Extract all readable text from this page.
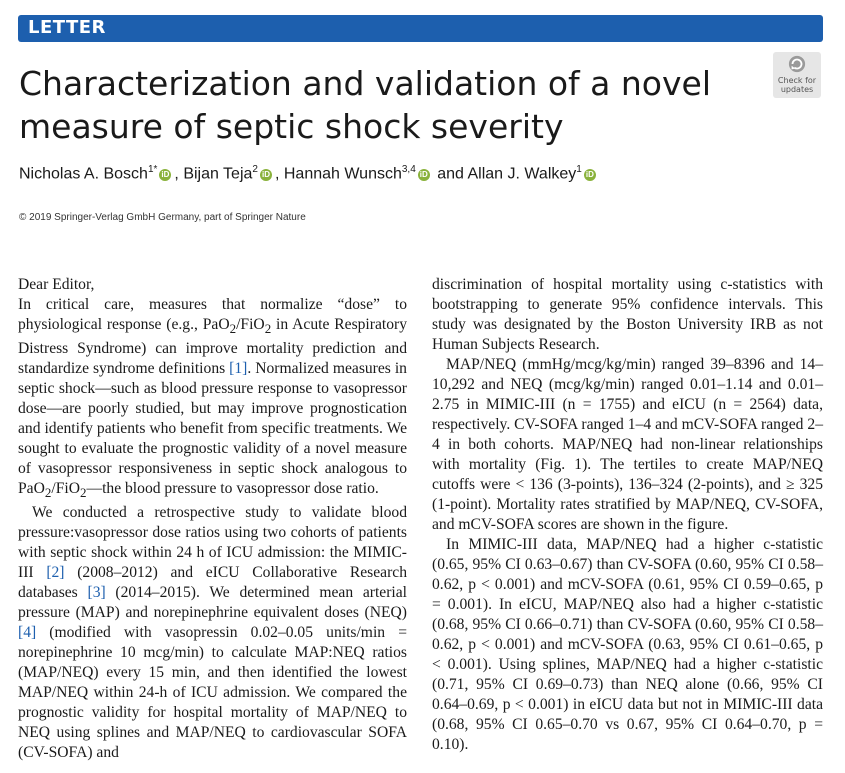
LETTER
Check for updates
Characterization and validation of a novel measure of septic shock severity
Nicholas A. Bosch$^{1*}$ iD , Bijan Teja$^2$ iD , Hannah Wunsch$^{3,4}$ iD and Allan J. Walkey$^1$ iD
© 2019 Springer-Verlag GmbH Germany, part of Springer Nature

Dear Editor,

In critical care, measures that normalize “dose” to physiological response (e.g., PaO$_2$/FiO$_2$ in Acute Respiratory Distress Syndrome) can improve mortality prediction and standardize syndrome definitions [1]. Normalized measures in septic shock—such as blood pressure response to vasopressor dose—are poorly studied, but may improve prognostication and identify patients who benefit from specific treatments. We sought to evaluate the prognostic validity of a novel measure of vasopressor responsiveness in septic shock analogous to PaO$_2$/FiO$_2$—the blood pressure to vasopressor dose ratio.

We conducted a retrospective study to validate blood pressure:vasopressor dose ratios using two cohorts of patients with septic shock within 24 h of ICU admission: the MIMIC-III [2] (2008–2012) and eICU Collaborative Research databases [3] (2014–2015). We determined mean arterial pressure (MAP) and norepinephrine equivalent doses (NEQ) [4] (modified with vasopressin 0.02–0.05 units/min = norepinephrine 10 mcg/min) to calculate MAP:NEQ ratios (MAP/NEQ) every 15 min, and then identified the lowest MAP/NEQ within 24-h of ICU admission. We compared the prognostic validity for hospital mortality of MAP/NEQ to NEQ using splines and MAP/NEQ to cardiovascular SOFA (CV-SOFA) and

discrimination of hospital mortality using c-statistics with bootstrapping to generate 95% confidence intervals. This study was designated by the Boston University IRB as not Human Subjects Research.

MAP/NEQ (mmHg/mcg/kg/min) ranged 39–8396 and 14–10,292 and NEQ (mcg/kg/min) ranged 0.01–1.14 and 0.01–2.75 in MIMIC-III (n = 1755) and eICU (n = 2564) data, respectively. CV-SOFA ranged 1–4 and mCV-SOFA ranged 2–4 in both cohorts. MAP/NEQ had non-linear relationships with mortality (Fig. 1). The tertiles to create MAP/NEQ cutoffs were < 136 (3-points), 136–324 (2-points), and ≥ 325 (1-point). Mortality rates stratified by MAP/NEQ, CV-SOFA, and mCV-SOFA scores are shown in the figure.

In MIMIC-III data, MAP/NEQ had a higher c-statistic (0.65, 95% CI 0.63–0.67) than CV-SOFA (0.60, 95% CI 0.58–0.62, p < 0.001) and mCV-SOFA (0.61, 95% CI 0.59–0.65, p = 0.001). In eICU, MAP/NEQ also had a higher c-statistic (0.68, 95% CI 0.66–0.71) than CV-SOFA (0.60, 95% CI 0.58–0.62, p < 0.001) and mCV-SOFA (0.63, 95% CI 0.61–0.65, p < 0.001). Using splines, MAP/NEQ had a higher c-statistic (0.71, 95% CI 0.69–0.73) than NEQ alone (0.66, 95% CI 0.64–0.69, p < 0.001) in eICU data but not in MIMIC-III data (0.68, 95% CI 0.65–0.70 vs 0.67, 95% CI 0.64–0.70, p = 0.10).
